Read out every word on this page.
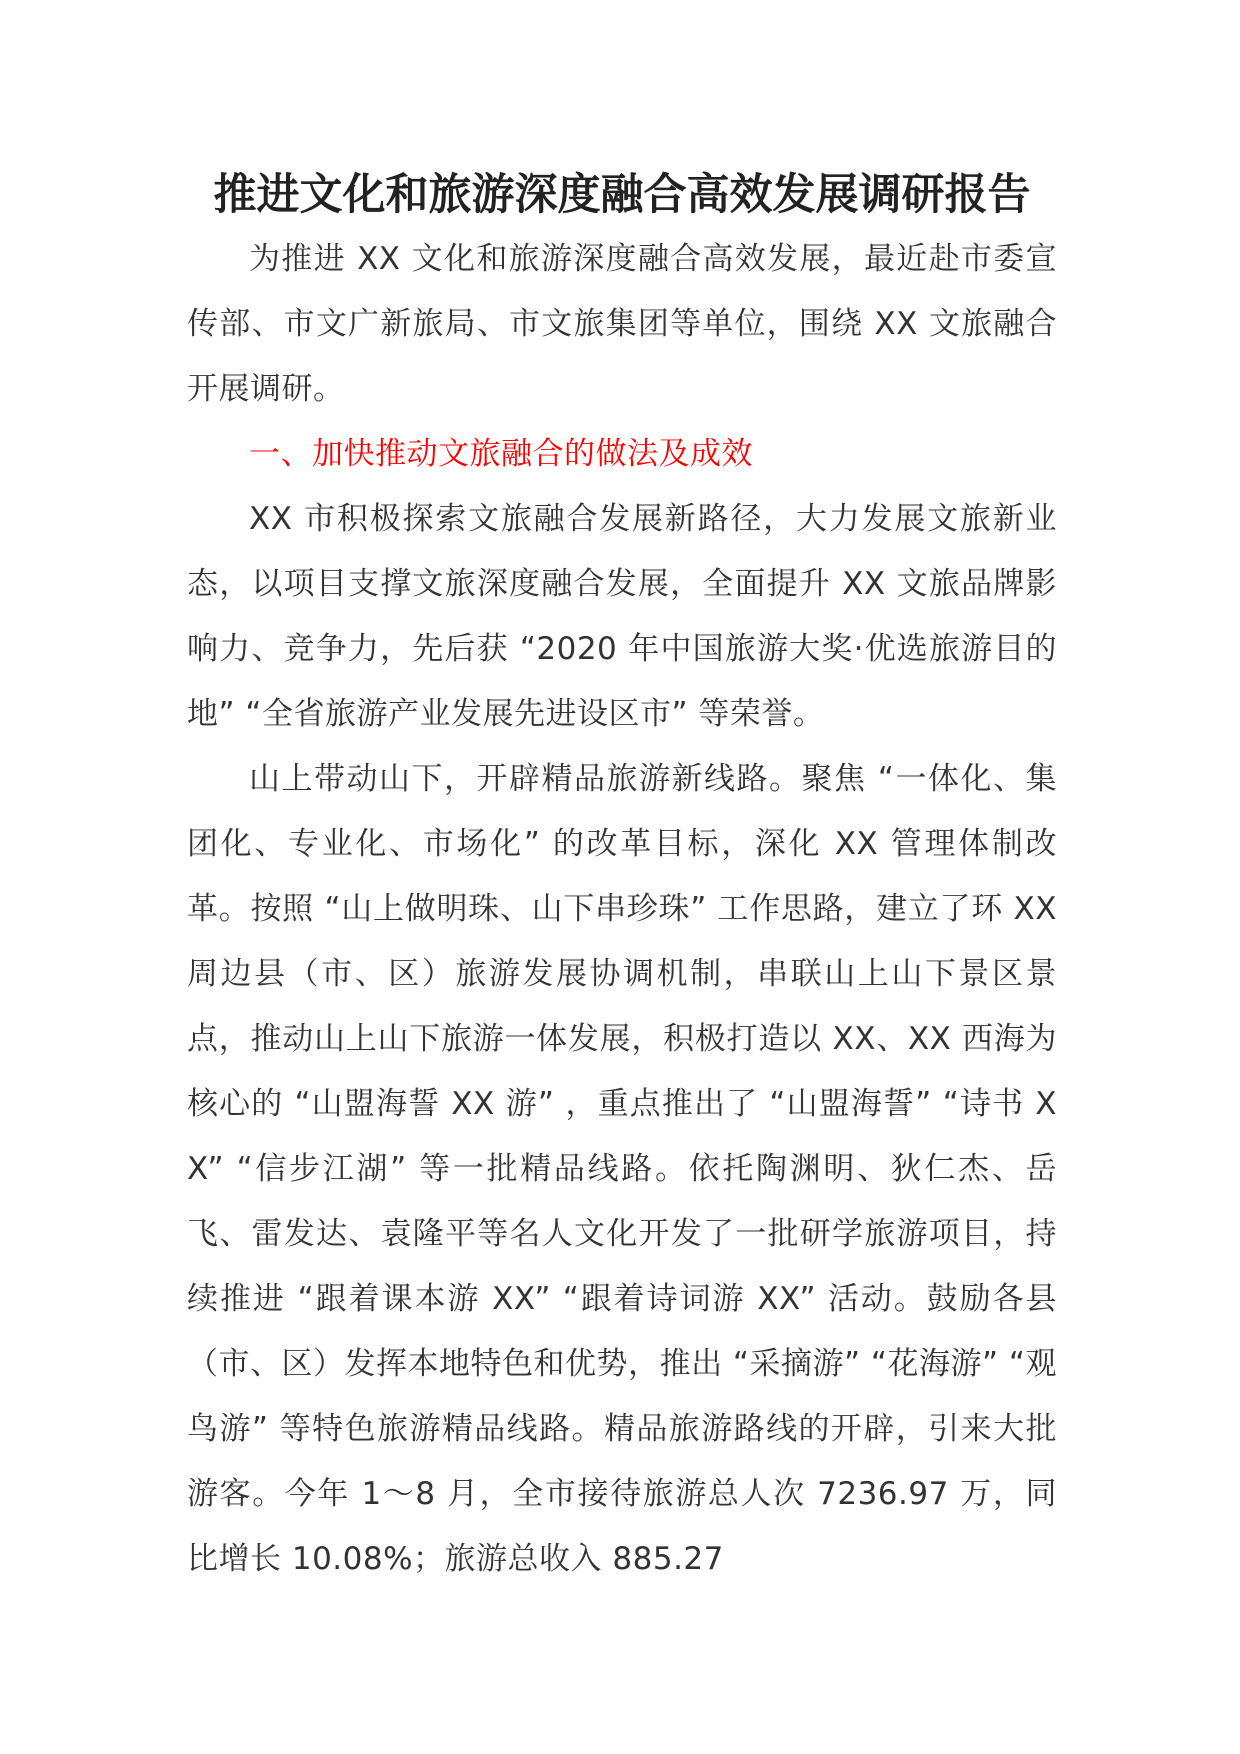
推进文化和旅游深度融合高效发展调研报告

为推进 XX 文化和旅游深度融合高效发展，最近赴市委宣传部、市文广新旅局、市文旅集团等单位，围绕 XX 文旅融合开展调研。

一、加快推动文旅融合的做法及成效

XX 市积极探索文旅融合发展新路径，大力发展文旅新业态，以项目支撑文旅深度融合发展，全面提升 XX 文旅品牌影响力、竞争力，先后获 “2020 年中国旅游大奖·优选旅游目的地” “全省旅游产业发展先进设区市” 等荣誉。

山上带动山下，开辟精品旅游新线路。聚焦 “一体化、集团化、专业化、市场化” 的改革目标，深化 XX 管理体制改革。按照 “山上做明珠、山下串珍珠” 工作思路，建立了环 XX 周边县（市、区）旅游发展协调机制，串联山上山下景区景点，推动山上山下旅游一体发展，积极打造以 XX、XX 西海为核心的 “山盟海誓 XX 游” ，重点推出了 “山盟海誓” “诗书 XX” “信步江湖” 等一批精品线路。依托陶渊明、狄仁杰、岳飞、雷发达、袁隆平等名人文化开发了一批研学旅游项目，持续推进 “跟着课本游 XX” “跟着诗词游 XX” 活动。鼓励各县（市、区）发挥本地特色和优势，推出 “采摘游” “花海游” “观鸟游” 等特色旅游精品线路。精品旅游路线的开辟，引来大批游客。今年 1～8 月，全市接待旅游总人次 7236.97 万，同比增长 10.08%；旅游总收入 885.27
